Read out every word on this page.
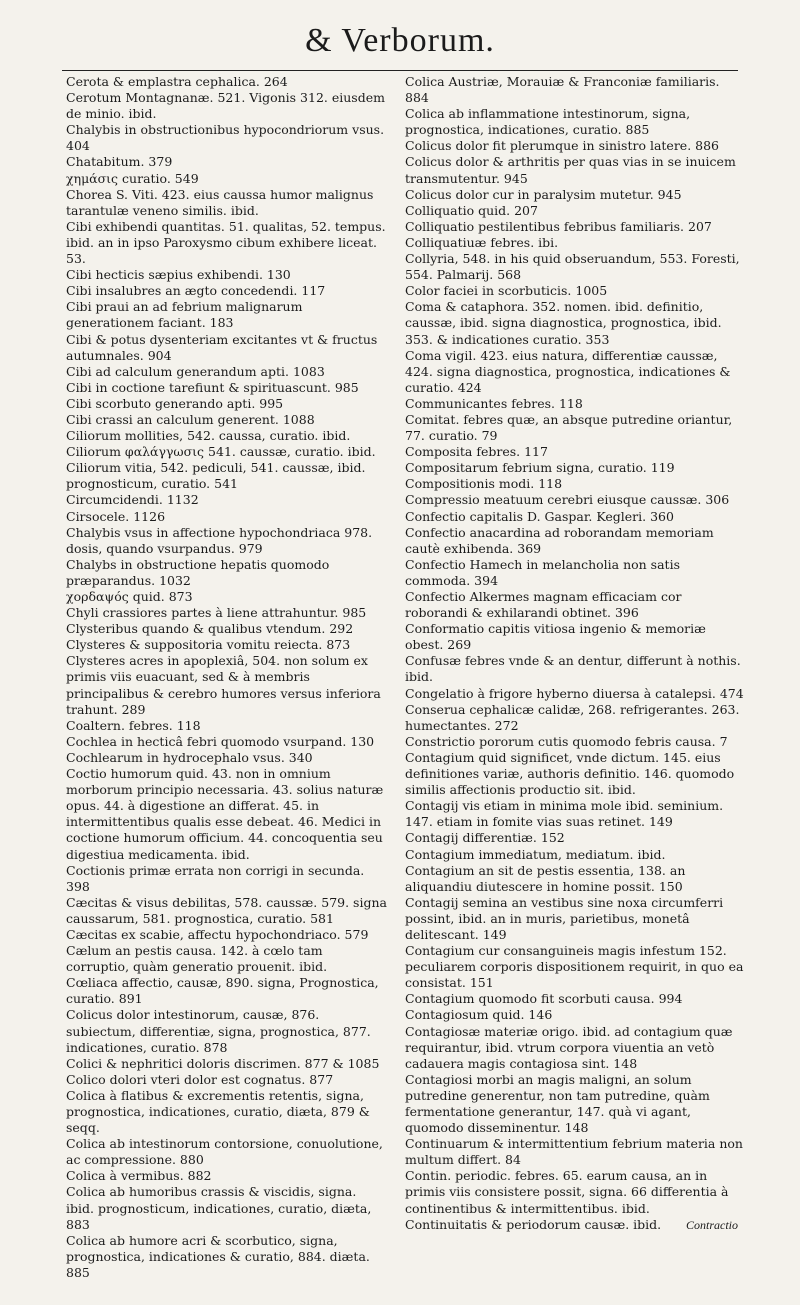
& Verborum.

Cerota & emplastra cephalica. 264

Cerotum Montagnanæ. 521. Vigonis 312. eiusdem de minio. ibid.

Chalybis in obstructionibus hypocondriorum vsus. 404

Chatabitum. 379

χημάσις curatio. 549

Chorea S. Viti. 423. eius caussa humor malignus tarantulæ veneno similis. ibid.

Cibi exhibendi quantitas. 51. qualitas, 52. tempus. ibid. an in ipso Paroxysmo cibum exhibere liceat. 53.

Cibi hecticis sæpius exhibendi. 130

Cibi insalubres an ægto concedendi. 117

Cibi praui an ad febrium malignarum generationem faciant. 183

Cibi & potus dysenteriam excitantes vt & fructus autumnales. 904

Cibi ad calculum generandum apti. 1083

Cibi in coctione tarefiunt & spirituascunt. 985

Cibi scorbuto generando apti. 995

Cibi crassi an calculum generent. 1088

Ciliorum mollities, 542. caussa, curatio. ibid.

Ciliorum φαλάγγωσις 541. caussæ, curatio. ibid.

Ciliorum vitia, 542. pediculi, 541. caussæ, ibid. prognosticum, curatio. 541

Circumcidendi. 1132

Cirsocele. 1126

Chalybis vsus in affectione hypochondriaca 978. dosis, quando vsurpandus. 979

Chalybs in obstructione hepatis quomodo præparandus. 1032

χορδαψός quid. 873

Chyli crassiores partes à liene attrahuntur. 985

Clysteribus quando & qualibus vtendum. 292

Clysteres & suppositoria vomitu reiecta. 873

Clysteres acres in apoplexiâ, 504. non solum ex primis viis euacuant, sed & à membris principalibus & cerebro humores versus inferiora trahunt. 289

Coaltern. febres. 118

Cochlea in hecticâ febri quomodo vsurpand. 130

Cochlearum in hydrocephalo vsus. 340

Coctio humorum quid. 43. non in omnium morborum principio necessaria. 43. solius naturæ opus. 44. à digestione an differat. 45. in intermittentibus qualis esse debeat. 46. Medici in coctione humorum officium. 44. concoquentia seu digestiua medicamenta. ibid.

Coctionis primæ errata non corrigi in secunda. 398

Cæcitas & visus debilitas, 578. caussæ. 579. signa caussarum, 581. prognostica, curatio. 581

Cæcitas ex scabie, affectu hypochondriaco. 579

Cælum an pestis causa. 142. à cœlo tam corruptio, quàm generatio prouenit. ibid.

Cœliaca affectio, causæ, 890. signa, Prognostica, curatio. 891

Colicus dolor intestinorum, causæ, 876. subiectum, differentiæ, signa, prognostica, 877. indicationes, curatio. 878

Colici & nephritici doloris discrimen. 877 & 1085

Colico dolori vteri dolor est cognatus. 877

Colica à flatibus & excrementis retentis, signa, prognostica, indicationes, curatio, diæta, 879 & seqq.

Colica ab intestinorum contorsione, conuolutione, ac compressione. 880

Colica à vermibus. 882

Colica ab humoribus crassis & viscidis, signa. ibid. prognosticum, indicationes, curatio, diæta, 883

Colica ab humore acri & scorbutico, signa, prognostica, indicationes & curatio, 884. diæta. 885

Colica Austriæ, Morauiæ & Franconiæ familiaris. 884

Colica ab inflammatione intestinorum, signa, prognostica, indicationes, curatio. 885

Colicus dolor fit plerumque in sinistro latere. 886

Colicus dolor & arthritis per quas vias in se inuicem transmutentur. 945

Colicus dolor cur in paralysim mutetur. 945

Colliquatio quid. 207

Colliquatio pestilentibus febribus familiaris. 207

Colliquatiuæ febres. ibi.

Collyria, 548. in his quid obseruandum, 553. Foresti, 554. Palmarij. 568

Color faciei in scorbuticis. 1005

Coma & cataphora. 352. nomen. ibid. definitio, caussæ, ibid. signa diagnostica, prognostica, ibid. 353. & indicationes curatio. 353

Coma vigil. 423. eius natura, differentiæ caussæ, 424. signa diagnostica, prognostica, indicationes & curatio. 424

Communicantes febres. 118

Comitat. febres quæ, an absque putredine oriantur, 77. curatio. 79

Composita febres. 117

Compositarum febrium signa, curatio. 119

Compositionis modi. 118

Compressio meatuum cerebri eiusque caussæ. 306

Confectio capitalis D. Gaspar. Kegleri. 360

Confectio anacardina ad roborandam memoriam cautè exhibenda. 369

Confectio Hamech in melancholia non satis commoda. 394

Confectio Alkermes magnam efficaciam cor roborandi & exhilarandi obtinet. 396

Conformatio capitis vitiosa ingenio & memoriæ obest. 269

Confusæ febres vnde & an dentur, differunt à nothis. ibid.

Congelatio à frigore hyberno diuersa à catalepsi. 474

Conserua cephalicæ calidæ, 268. refrigerantes. 263. humectantes. 272

Constrictio pororum cutis quomodo febris causa. 7

Contagium quid significet, vnde dictum. 145. eius definitiones variæ, authoris definitio. 146. quomodo similis affectionis productio sit. ibid.

Contagij vis etiam in minima mole ibid. seminium. 147. etiam in fomite vias suas retinet. 149

Contagij differentiæ. 152

Contagium immediatum, mediatum. ibid.

Contagium an sit de pestis essentia, 138. an aliquandiu diutescere in homine possit. 150

Contagij semina an vestibus sine noxa circumferri possint, ibid. an in muris, parietibus, monetâ delitescant. 149

Contagium cur consanguineis magis infestum 152. peculiarem corporis dispositionem requirit, in quo ea consistat. 151

Contagium quomodo fit scorbuti causa. 994

Contagiosum quid. 146

Contagiosæ materiæ origo. ibid. ad contagium quæ requirantur, ibid. vtrum corpora viuentia an vetò cadauera magis contagiosa sint. 148

Contagiosi morbi an magis maligni, an solum putredine generentur, non tam putredine, quàm fermentatione generantur, 147. quà vi agant, quomodo disseminentur. 148

Continuarum & intermittentium febrium materia non multum differt. 84

Contin. periodic. febres. 65. earum causa, an in primis viis consistere possit, signa. 66 differentia à continentibus & intermittentibus. ibid.

Continuitatis & periodorum causæ. ibid.	Contractio
